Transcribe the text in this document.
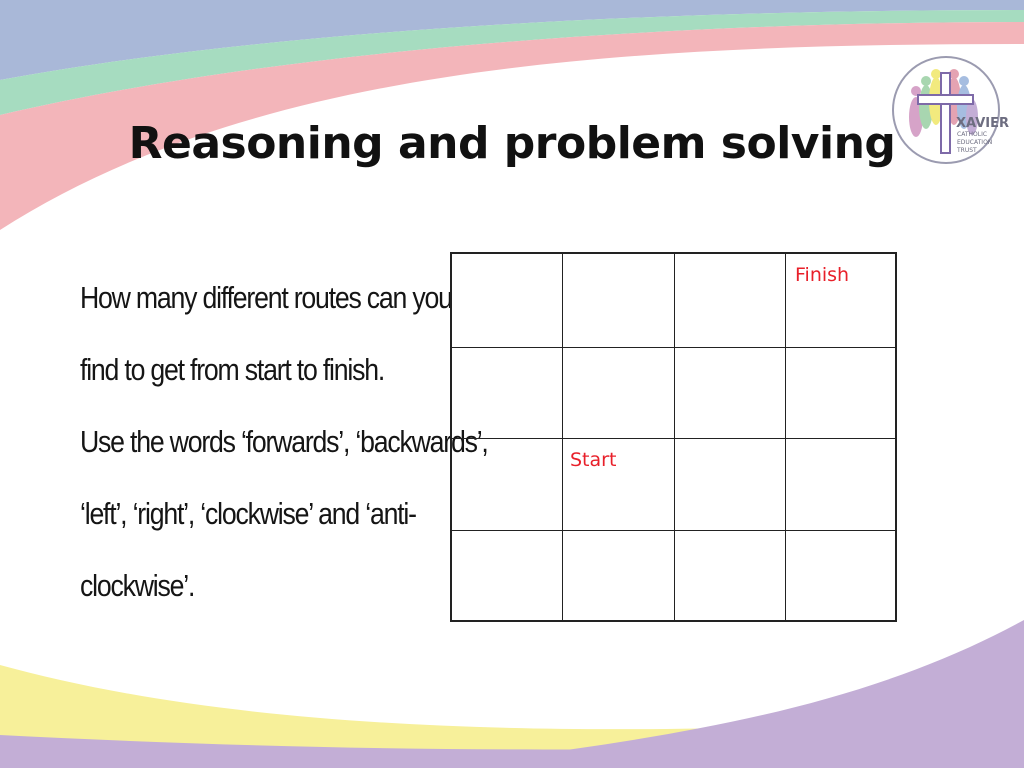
Reasoning and problem solving	XAVIER
CATHOLIC
EDUCATION
TRUST
How many different routes can you
find to get from start to finish.
Use the words ‘forwards’, ‘backwards’,
‘left’, ‘right’, ‘clockwise’ and ‘anti-
clockwise’.
Finish
Start
